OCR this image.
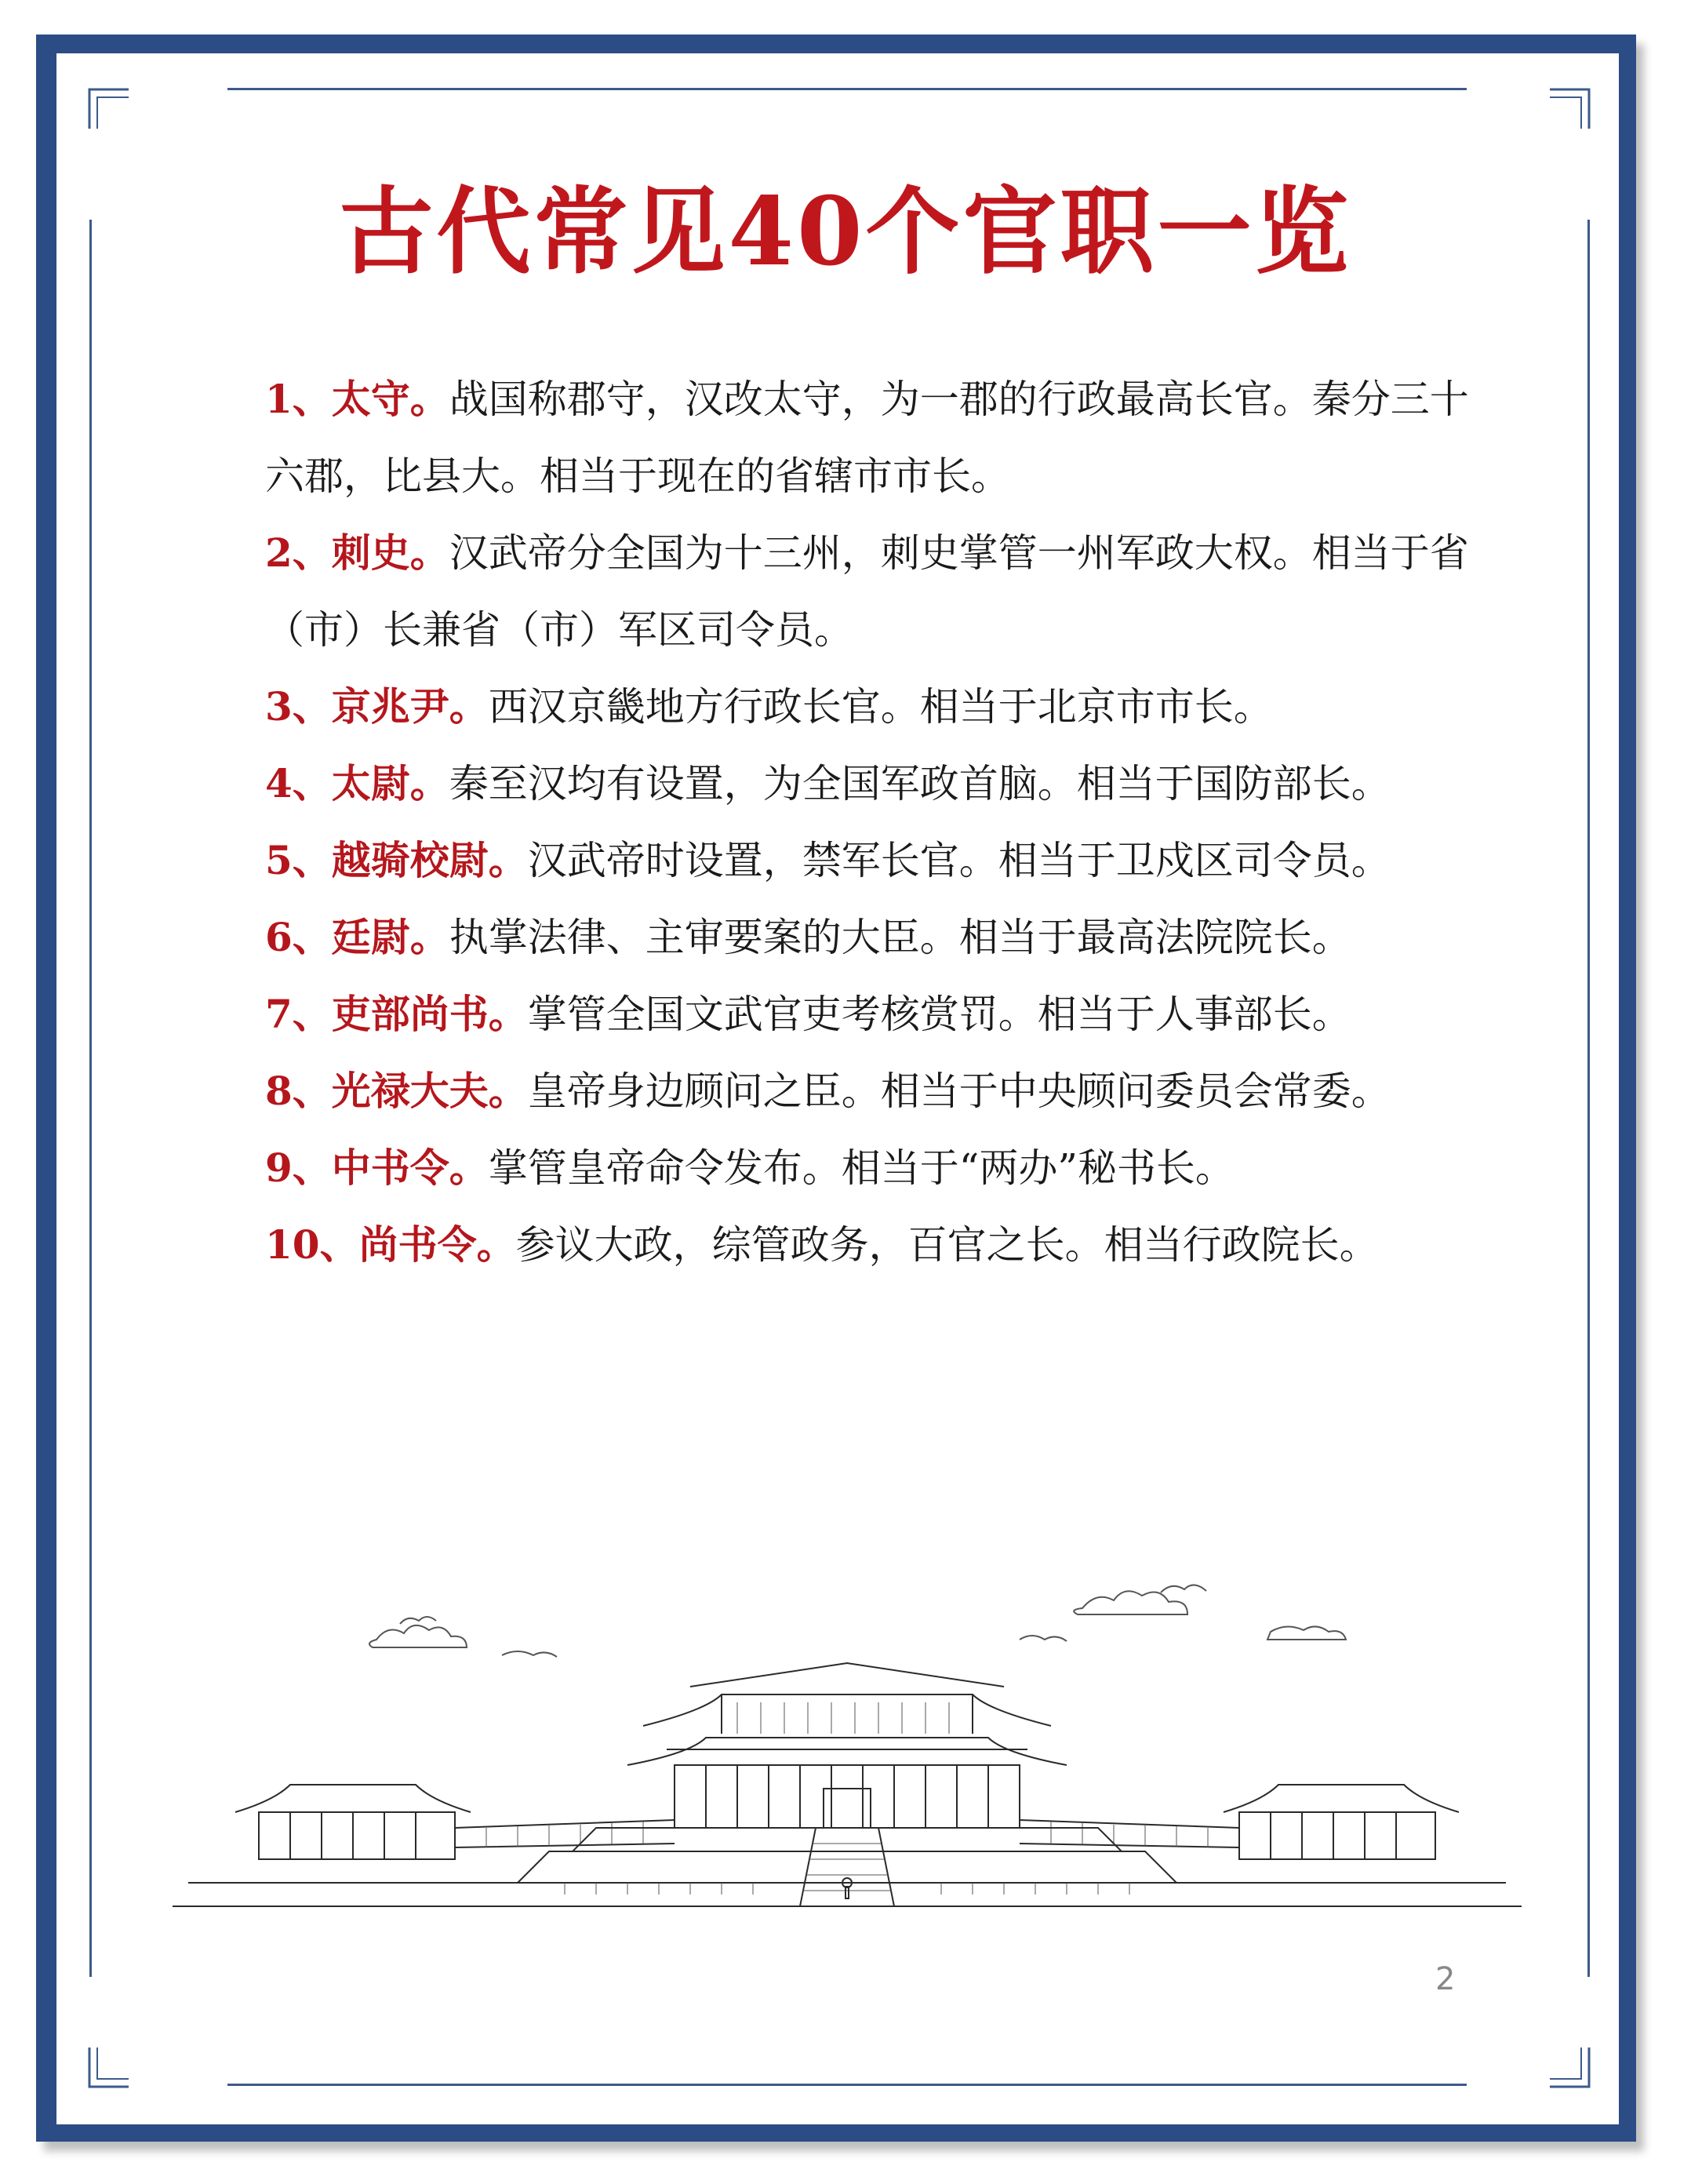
古代常见40个官职一览

1、太守。战国称郡守，汉改太守，为一郡的行政最高长官。秦分三十六郡，比县大。相当于现在的省辖市市长。

2、刺史。汉武帝分全国为十三州，刺史掌管一州军政大权。相当于省（市）长兼省（市）军区司令员。

3、京兆尹。西汉京畿地方行政长官。相当于北京市市长。

4、太尉。秦至汉均有设置，为全国军政首脑。相当于国防部长。

5、越骑校尉。汉武帝时设置，禁军长官。相当于卫戍区司令员。

6、廷尉。执掌法律、主审要案的大臣。相当于最高法院院长。

7、吏部尚书。掌管全国文武官吏考核赏罚。相当于人事部长。

8、光禄大夫。皇帝身边顾问之臣。相当于中央顾问委员会常委。

9、中书令。掌管皇帝命令发布。相当于“两办”秘书长。

10、尚书令。参议大政，综管政务，百官之长。相当行政院长。

2
